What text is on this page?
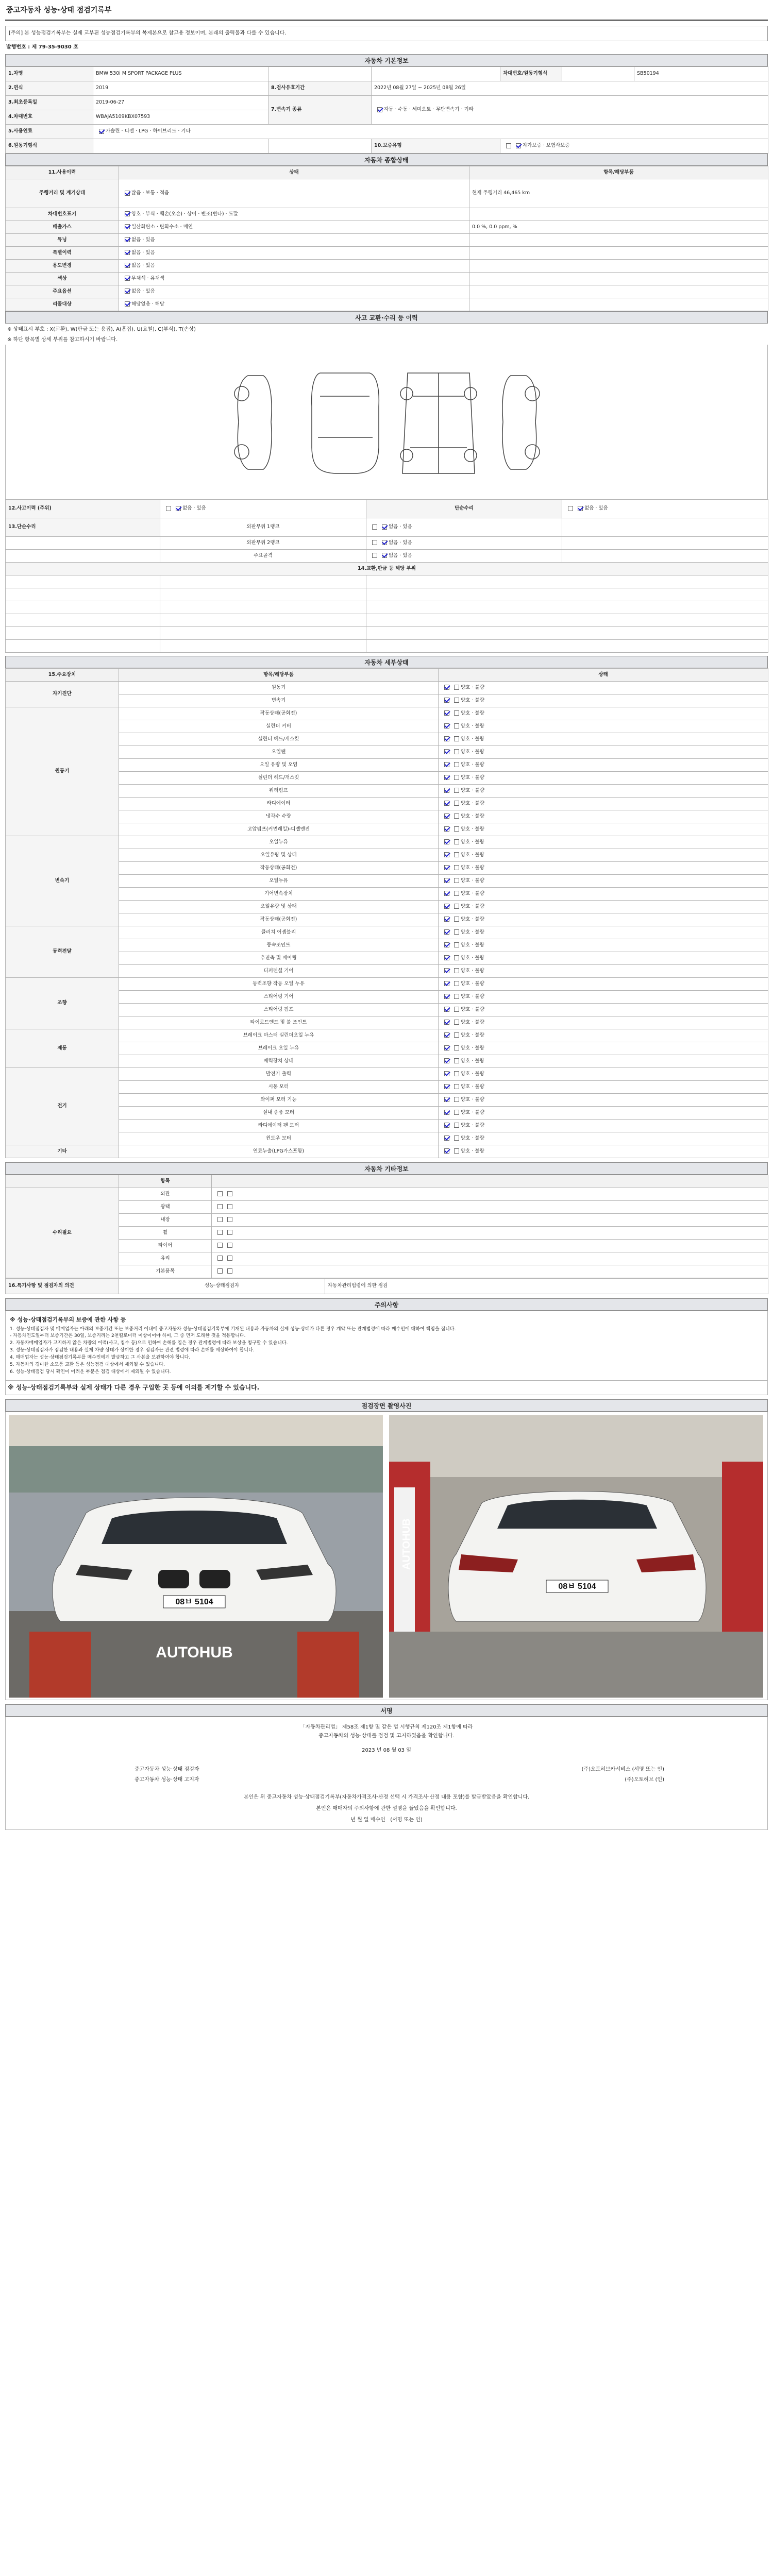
중고자동차 성능·상태 점검기록부
[주의] 본 성능점검기록부는 실제 교부된 성능점검기록부의 복제본으로 참고용 정보이며, 본래의 출력물과 다를 수 있습니다.
발행번호 : 제 79-35-9030 호
자동차 기본정보
1.차명	BMW 530i M SPORT PACKAGE PLUS			차대번호/원동기형식		SB50194
2.연식	2019	8.검사유효기간	2022년 08월 27일 ~ 2025년 08월 26일			
3.최초등록일	2019-06-27	7.변속기 종류	자동 · 수동 · 세미오토 · 무단변속기 · 기타			
4.차대번호	WBAJA5109KBX07593					
5.사용연료	가솔린 · 디젤 · LPG · 하이브리드 · 기타					
6.원동기형식			10.보증유형	자가보증 · 보험사보증		
자동차 종합상태
11.사용이력	상태	항목/해당부품
주행거리 및 계기상태	많음 · 보통 · 적음	현재 주행거리 46,465 km
차대번호표기	양호 · 부식 · 훼손(오손) · 상이 · 변조(변타) · 도말	
배출가스	일산화탄소 · 탄화수소 · 매연	0.0 %, 0.0 ppm, %
튜닝	없음 · 있음	
특별이력	없음 · 있음	
용도변경	없음 · 있음	
색상	무채색 · 유채색	
주요옵션	없음 · 있음	
리콜대상	해당없음 · 해당	
사고 교환·수리 등 이력
※ 상태표시 부호 : X(교환), W(판금 또는 용접), A(흠집), U(요철), C(부식), T(손상)
※ 하단 항목별 상세 부위를 참고하시기 바랍니다.
12.사고이력 (주위)	없음 · 있음	단순수리	없음 · 있음
13.단순수리	외판부위 1랭크	없음 · 있음	
	외판부위 2랭크	없음 · 있음	
	주요골격	없음 · 있음	
14.교환,판금 등 해당 부위			

자동차 세부상태
15.주요장치	항목/해당부품	상태
자기진단	원동기	양호 · 불량
	변속기	양호 · 불량
원동기	작동상태(공회전)	양호 · 불량
	실린더 커버	양호 · 불량
	실린더 헤드/개스킷	양호 · 불량
	오일팬	양호 · 불량
	오일 유량 및 오염	양호 · 불량
	실린더 헤드/개스킷	양호 · 불량
	워터펌프	양호 · 불량
	라디에이터	양호 · 불량
	냉각수 수량	양호 · 불량
	고압펌프(커먼레일)-디젤엔진	양호 · 불량
변속기	오일누유	양호 · 불량
	오일유량 및 상태	양호 · 불량
	작동상태(공회전)	양호 · 불량
	오일누유	양호 · 불량
	기어변속장치	양호 · 불량
	오일유량 및 상태	양호 · 불량
	작동상태(공회전)	양호 · 불량
동력전달	클러치 어셈블리	양호 · 불량
	등속조인트	양호 · 불량
	추진축 및 베어링	양호 · 불량
	디퍼렌셜 기어	양호 · 불량
조향	동력조향 작동 오일 누유	양호 · 불량
	스티어링 기어	양호 · 불량
	스티어링 펌프	양호 · 불량
	타이로드엔드 및 볼 조인트	양호 · 불량
제동	브레이크 마스터 실린더오일 누유	양호 · 불량
	브레이크 오일 누유	양호 · 불량
	배력장치 상태	양호 · 불량
전기	발전기 출력	양호 · 불량
	시동 모터	양호 · 불량
	와이퍼 모터 기능	양호 · 불량
	실내 송풍 모터	양호 · 불량
	라디에이터 팬 모터	양호 · 불량
	윈도우 모터	양호 · 불량
기타	연료누출(LPG가스포함)	양호 · 불량
자동차 기타정보
	항목	
수리필요	외관	
	광택	
	내장	
	휠	
	타이어	
	유리	
	기본품목	
16.특기사항 및 점검자의 의견	성능·상태점검자	자동차관리법령에 의한 점검
주의사항
※ 성능·상태점검기록부의 보증에 관한 사항 등
1. 성능·상태점검자 및 매매업자는 아래의 보증기간 또는 보증거리 이내에 중고자동차 성능·상태점검기록부에 기재된 내용과 자동차의 실제 성능·상태가 다른 경우 계약 또는 관계법령에 따라 매수인에 대하여 책임을 집니다.
- 자동차인도일부터 보증기간은 30일, 보증거리는 2천킬로미터 이상이어야 하며, 그 중 먼저 도래한 것을 적용합니다.
2. 자동차매매업자가 고지하지 않은 차량의 이력(사고, 침수 등)으로 인하여 손해를 입은 경우 관계법령에 따라 보상을 청구할 수 있습니다.
3. 성능·상태점검자가 점검한 내용과 실제 차량 상태가 상이한 경우 점검자는 관련 법령에 따라 손해를 배상하여야 합니다.
4. 매매업자는 성능·상태점검기록부를 매수인에게 발급하고 그 사본을 보관하여야 합니다.
5. 자동차의 경미한 소모품 교환 등은 성능점검 대상에서 제외될 수 있습니다.
6. 성능·상태점검 당시 확인이 어려운 부분은 점검 대상에서 제외될 수 있습니다.
※ 성능·상태점검기록부와 실제 상태가 다른 경우 구입한 곳 등에 이의를 제기할 수 있습니다.
점검장면 촬영사진
08ㅂ 5104
AUTOHUB
08ㅂ 5104
AUTOHUB
서명
「자동차관리법」 제58조 제1항 및 같은 법 시행규칙 제120조 제1항에 따라
중고자동차의 성능·상태를 점검 및 고지하였음을 확인합니다.
2023 년 08 월 03 일
중고자동차 성능·상태 점검자	(주)오토허브카서비스 (서명 또는 인)
중고자동차 성능·상태 고지자	(주)오토허브 (인)
본인은 위 중고자동차 성능·상태점검기록부(자동차가격조사·산정 선택 시 가격조사·산정 내용 포함)를 발급받았음을 확인합니다.
본인은 매매자의 주의사항에 관한 설명을 들었음을 확인합니다.
년 월 일 매수인 (서명 또는 인)
